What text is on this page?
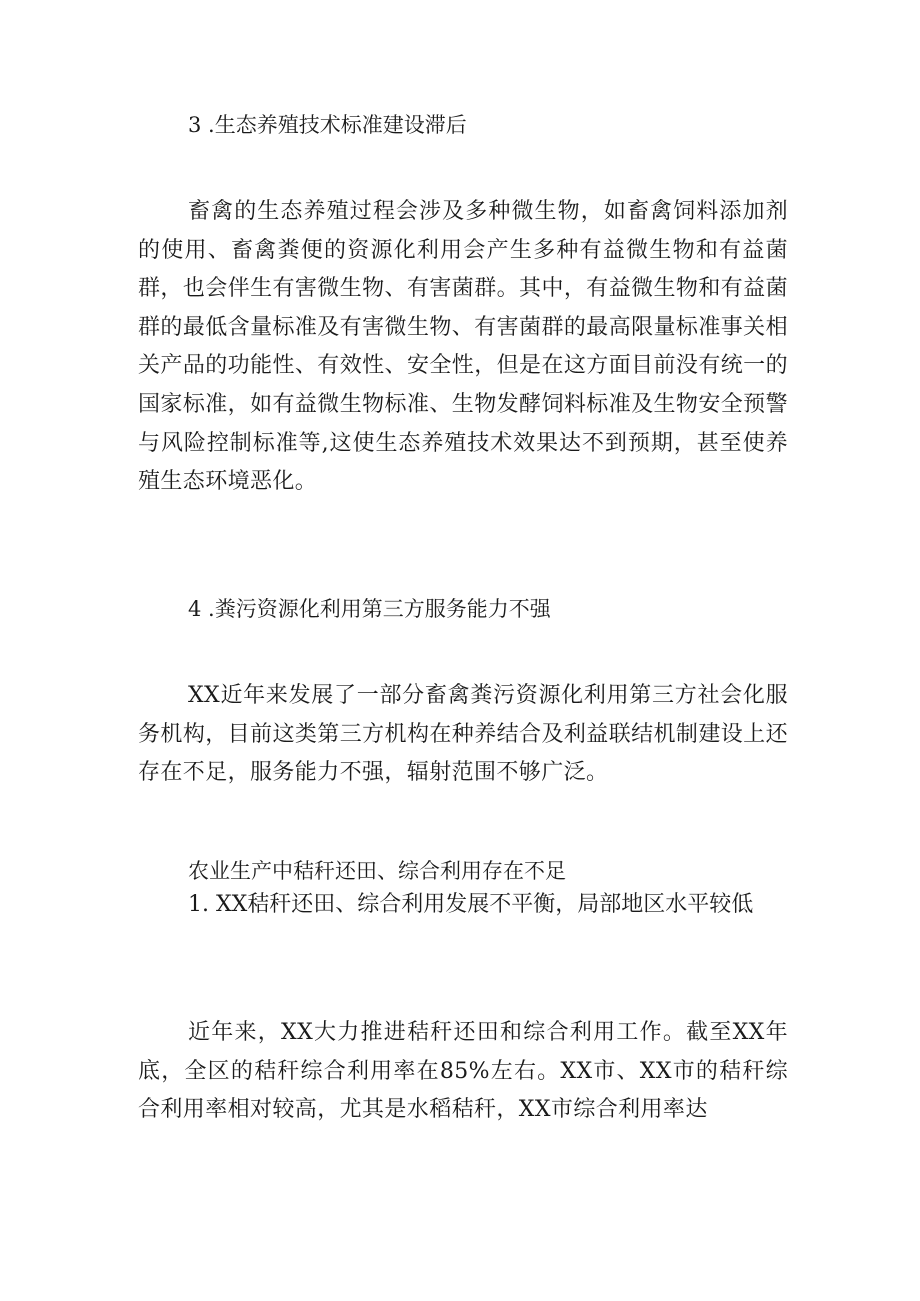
3 .生态养殖技术标准建设滞后

畜禽的生态养殖过程会涉及多种微生物，如畜禽饲料添加剂的使用、畜禽粪便的资源化利用会产生多种有益微生物和有益菌群，也会伴生有害微生物、有害菌群。其中，有益微生物和有益菌群的最低含量标准及有害微生物、有害菌群的最高限量标准事关相关产品的功能性、有效性、安全性，但是在这方面目前没有统一的国家标准，如有益微生物标准、生物发酵饲料标准及生物安全预警与风险控制标准等,这使生态养殖技术效果达不到预期，甚至使养殖生态环境恶化。

4 .粪污资源化利用第三方服务能力不强

XX近年来发展了一部分畜禽粪污资源化利用第三方社会化服务机构，目前这类第三方机构在种养结合及利益联结机制建设上还存在不足，服务能力不强，辐射范围不够广泛。

农业生产中秸秆还田、综合利用存在不足
1. XX秸秆还田、综合利用发展不平衡，局部地区水平较低

近年来，XX大力推进秸秆还田和综合利用工作。截至XX年底，全区的秸秆综合利用率在85%左右。XX市、XX市的秸秆综合利用率相对较高，尤其是水稻秸秆，XX市综合利用率达
